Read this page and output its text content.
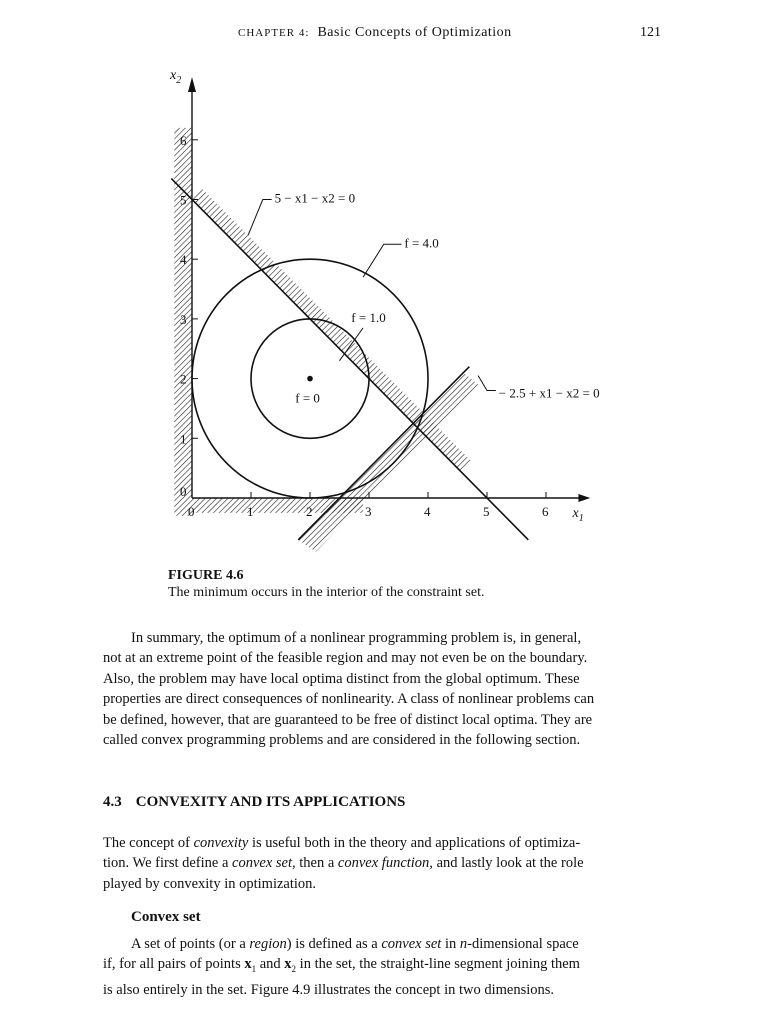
CHAPTER 4: Basic Concepts of Optimization	121
0	1	2	3	4	5	6
1
2
3
4
5
6
0
$x_2$
$x_1$
5 − x1 − x2 = 0
f = 4.0
f = 1.0
f = 0	− 2.5 + x1 − x2 = 0
FIGURE 4.6
The minimum occurs in the interior of the constraint set.

In summary, the optimum of a nonlinear programming problem is, in general,

not at an extreme point of the feasible region and may not even be on the boundary.

Also, the problem may have local optima distinct from the global optimum. These

properties are direct consequences of nonlinearity. A class of nonlinear problems can

be defined, however, that are guaranteed to be free of distinct local optima. They are

called convex programming problems and are considered in the following section.

4.3 CONVEXITY AND ITS APPLICATIONS

The concept of convexity is useful both in the theory and applications of optimiza-

tion. We first define a convex set, then a convex function, and lastly look at the role

played by convexity in optimization.

Convex set

A set of points (or a region) is defined as a convex set in n-dimensional space

if, for all pairs of points $x_1$ and $x_2$ in the set, the straight-line segment joining them

is also entirely in the set. Figure 4.9 illustrates the concept in two dimensions.
